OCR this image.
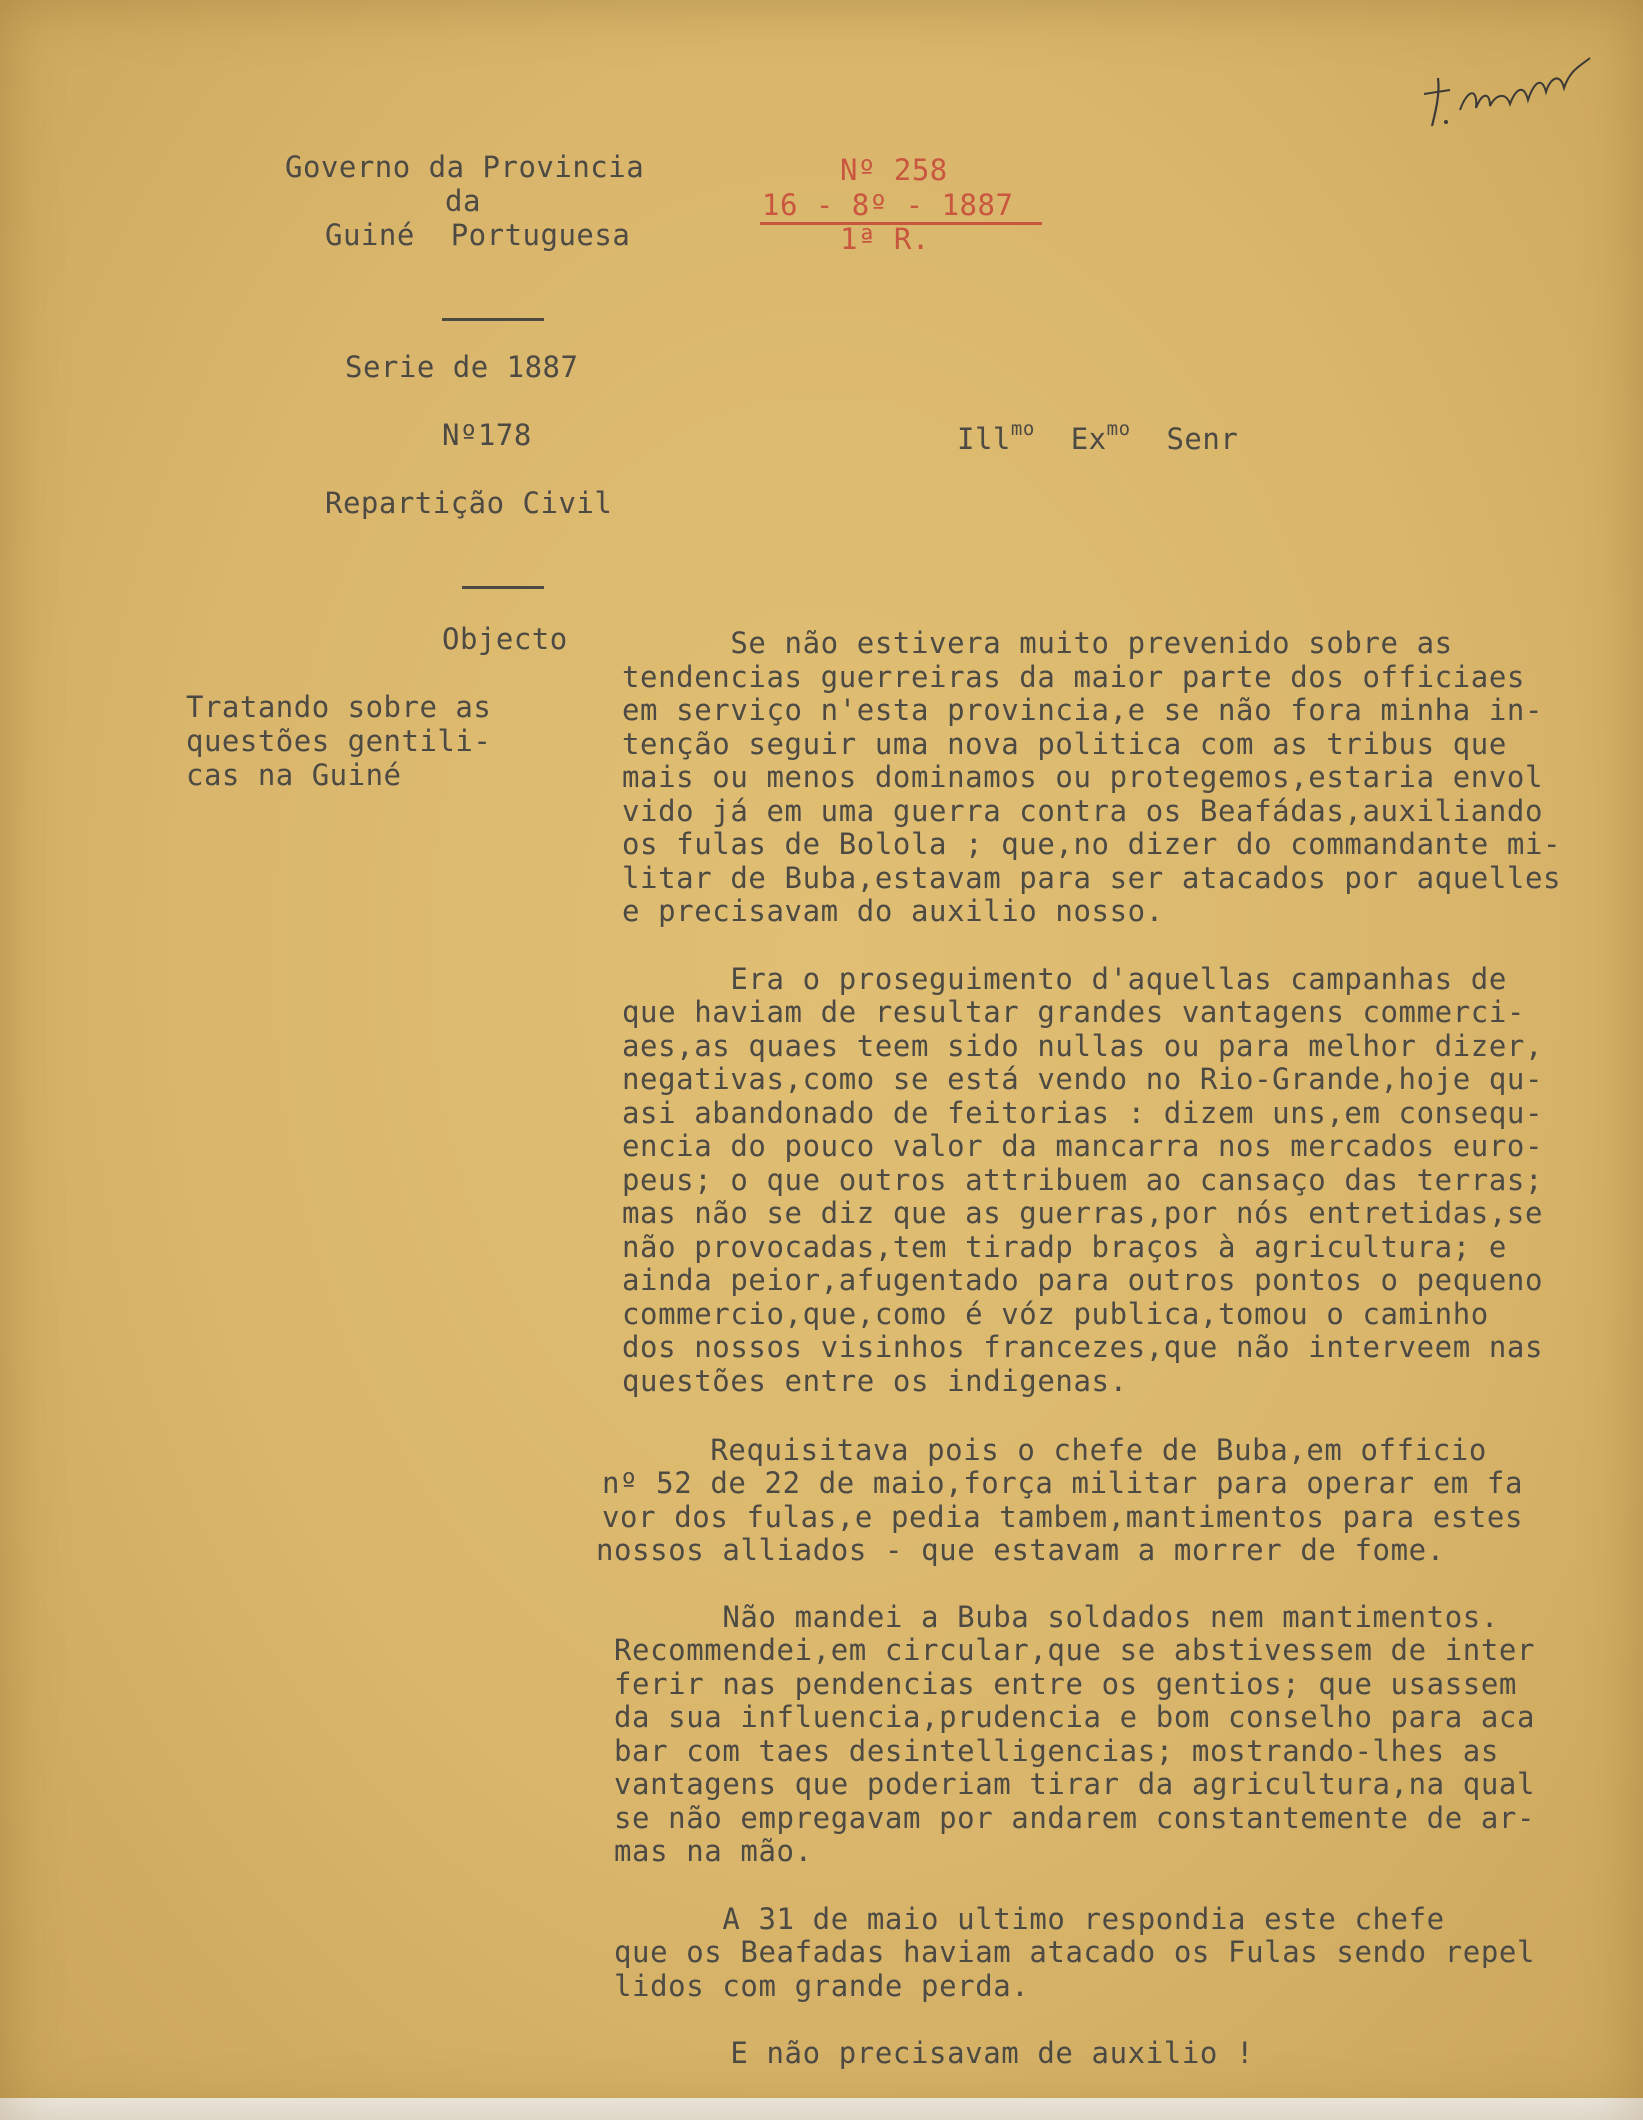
Governo da Provincia
da
Guiné  Portuguesa
Nº 258
16 - 8º - 1887
1ª R.
Serie de 1887
Nº178	Ill$^{mo}$ $Ex^{mo}$ Senr
Repartição Civil
Objecto
Tratando sobre as
questões gentili-
cas na Guiné
Se não estivera muito prevenido sobre as
tendencias guerreiras da maior parte dos officiaes
em serviço n'esta provincia,e se não fora minha in-
tenção seguir uma nova politica com as tribus que
mais ou menos dominamos ou protegemos,estaria envol
vido já em uma guerra contra os Beafádas,auxiliando
os fulas de Bolola ; que,no dizer do commandante mi-
litar de Buba,estavam para ser atacados por aquelles
e precisavam do auxilio nosso.
Era o proseguimento d'aquellas campanhas de
que haviam de resultar grandes vantagens commerci-
aes,as quaes teem sido nullas ou para melhor dizer,
negativas,como se está vendo no Rio-Grande,hoje qu-
asi abandonado de feitorias : dizem uns,em consequ-
encia do pouco valor da mancarra nos mercados euro-
peus; o que outros attribuem ao cansaço das terras;
mas não se diz que as guerras,por nós entretidas,se
não provocadas,tem tiradp braços à agricultura; e
ainda peior,afugentado para outros pontos o pequeno
commercio,que,como é vóz publica,tomou o caminho
dos nossos visinhos francezes,que não interveem nas
questões entre os indigenas.
Requisitava pois o chefe de Buba,em officio
nº 52 de 22 de maio,força militar para operar em fa
vor dos fulas,e pedia tambem,mantimentos para estes
nossos alliados - que estavam a morrer de fome.
Não mandei a Buba soldados nem mantimentos.
Recommendei,em circular,que se abstivessem de inter
ferir nas pendencias entre os gentios; que usassem
da sua influencia,prudencia e bom conselho para aca
bar com taes desintelligencias; mostrando-lhes as
vantagens que poderiam tirar da agricultura,na qual
se não empregavam por andarem constantemente de ar-
mas na mão.
A 31 de maio ultimo respondia este chefe
que os Beafadas haviam atacado os Fulas sendo repel
lidos com grande perda.
E não precisavam de auxilio !
